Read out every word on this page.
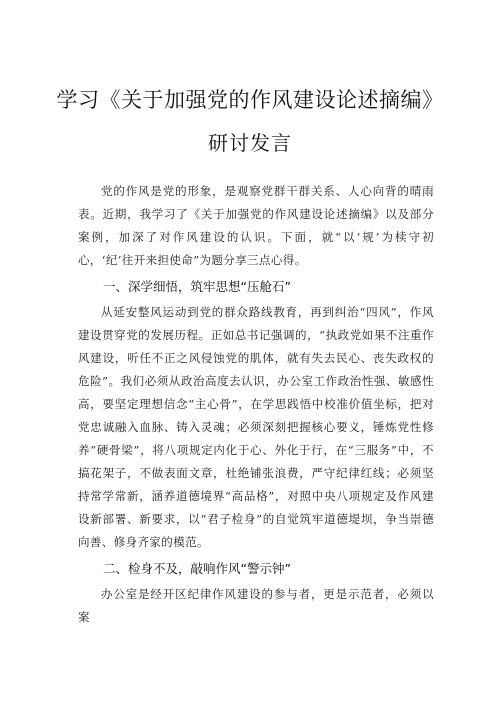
学习《关于加强党的作风建设论述摘编》
研讨发言

党的作风是党的形象，是观察党群干群关系、人心向背的晴雨表。近期，我学习了《关于加强党的作风建设论述摘编》以及部分案例，加深了对作风建设的认识。下面，就“以‘规’为椟守初心，‘纪’往开来担使命”为题分享三点心得。

一、深学细悟，筑牢思想“压舱石”

从延安整风运动到党的群众路线教育，再到纠治“四风”，作风建设贯穿党的发展历程。正如总书记强调的，“执政党如果不注重作风建设，听任不正之风侵蚀党的肌体，就有失去民心、丧失政权的危险”。我们必须从政治高度去认识，办公室工作政治性强、敏感性高，要坚定理想信念“主心骨”，在学思践悟中校准价值坐标，把对党忠诚融入血脉、铸入灵魂；必须深刻把握核心要义，锤炼党性修养“硬骨梁”，将八项规定内化于心、外化于行，在“三服务”中，不搞花架子，不做表面文章，杜绝铺张浪费，严守纪律红线；必须坚持常学常新，涵养道德境界“高品格”，对照中央八项规定及作风建设新部署、新要求，以“君子检身”的自觉筑牢道德堤坝，争当崇德向善、修身齐家的模范。

二、检身不及，敲响作风“警示钟”

办公室是经开区纪律作风建设的参与者，更是示范者，必须以案
